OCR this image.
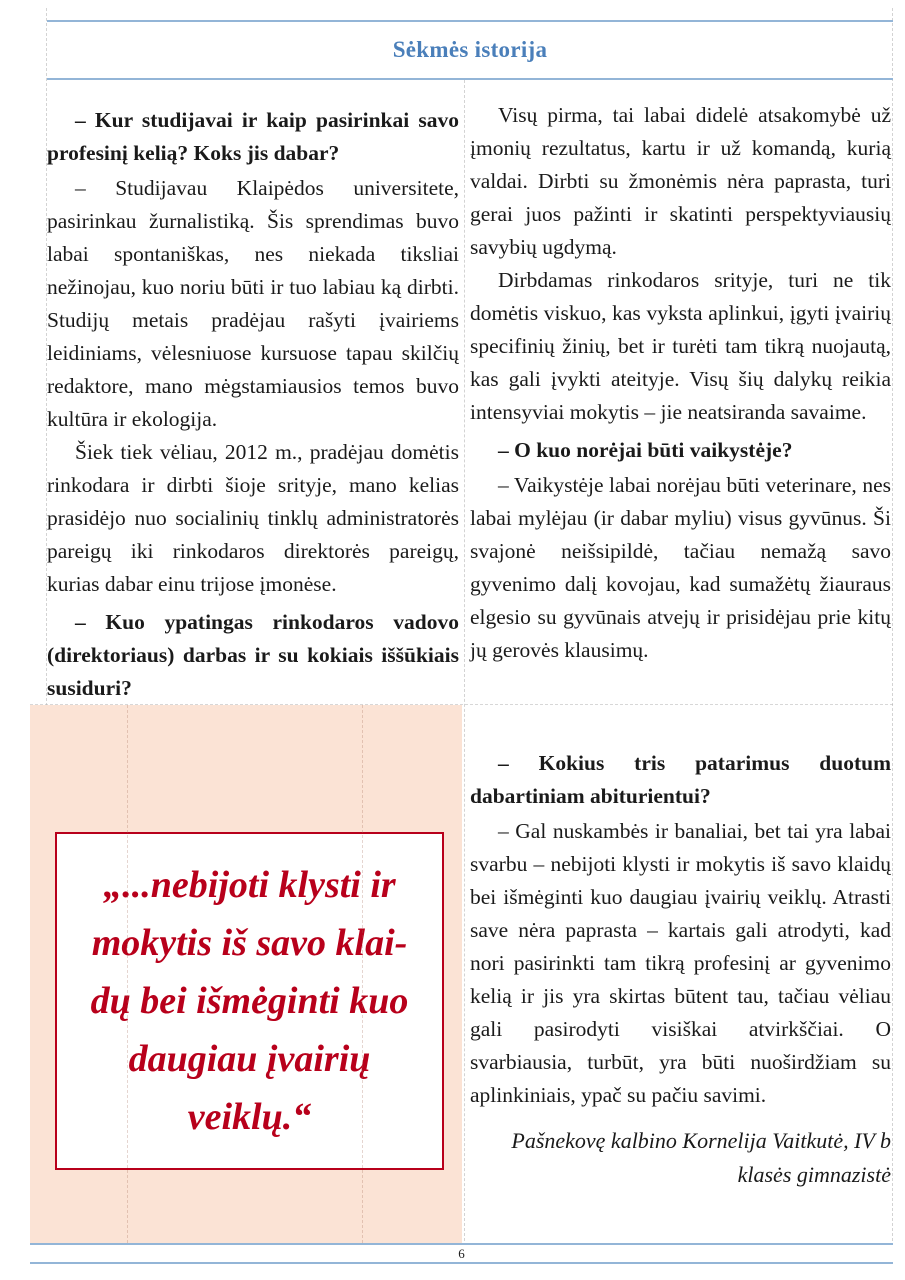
Sėkmės istorija

– Kur studijavai ir kaip pasirinkai savo profesinį kelią? Koks jis dabar?

– Studijavau Klaipėdos universitete, pasirinkau žurnalistiką. Šis sprendimas buvo labai spontaniškas, nes niekada tiksliai nežinojau, kuo noriu būti ir tuo labiau ką dirbti. Studijų metais pradėjau rašyti įvairiems leidiniams, vėlesniuose kursuose tapau skilčių redaktore, mano mėgstamiausios temos buvo kultūra ir ekologija.

Šiek tiek vėliau, 2012 m., pradėjau domėtis rinkodara ir dirbti šioje srityje, mano kelias prasidėjo nuo socialinių tinklų administratorės pareigų iki rinkodaros direktorės pareigų, kurias dabar einu trijose įmonėse.

– Kuo ypatingas rinkodaros vadovo (direktoriaus) darbas ir su kokiais iššūkiais susiduri?

„...nebijoti klysti ir
mokytis iš savo klai-
dų bei išmėginti kuo
daugiau įvairių
veiklų.“

Visų pirma, tai labai didelė atsakomybė už įmonių rezultatus, kartu ir už komandą, kurią valdai. Dirbti su žmonėmis nėra paprasta, turi gerai juos pažinti ir skatinti perspektyviausių savybių ugdymą.

Dirbdamas rinkodaros srityje, turi ne tik domėtis viskuo, kas vyksta aplinkui, įgyti įvairių specifinių žinių, bet ir turėti tam tikrą nuojautą, kas gali įvykti ateityje. Visų šių dalykų reikia intensyviai mokytis – jie neatsiranda savaime.

– O kuo norėjai būti vaikystėje?

– Vaikystėje labai norėjau būti veterinare, nes labai mylėjau (ir dabar myliu) visus gyvūnus. Ši svajonė neišsipildė, tačiau nemažą savo gyvenimo dalį kovojau, kad sumažėtų žiauraus elgesio su gyvūnais atvejų ir prisidėjau prie kitų jų gerovės klausimų.

– Kokius tris patarimus duotum dabartiniam abiturientui?

– Gal nuskambės ir banaliai, bet tai yra labai svarbu – nebijoti klysti ir mokytis iš savo klaidų bei išmėginti kuo daugiau įvairių veiklų. Atrasti save nėra paprasta – kartais gali atrodyti, kad nori pasirinkti tam tikrą profesinį ar gyvenimo kelią ir jis yra skirtas būtent tau, tačiau vėliau gali pasirodyti visiškai atvirkščiai. O svarbiausia, turbūt, yra būti nuoširdžiam su aplinkiniais, ypač su pačiu savimi.

Pašnekovę kalbino Kornelija Vaitkutė, IV b klasės gimnazistė

6
